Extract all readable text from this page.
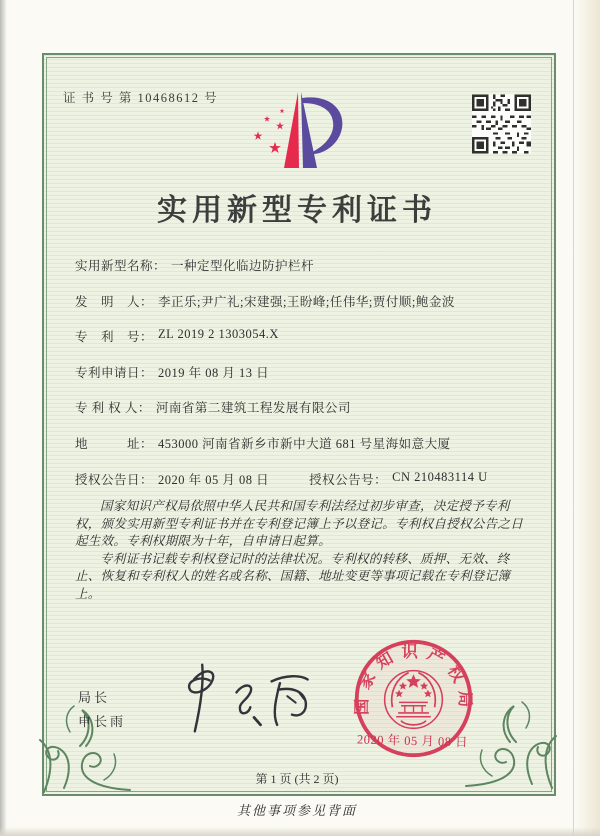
证 书 号 第 10468612 号
实用新型专利证书
实用新型名称： 一种定型化临边防护栏杆
发　明　人： 李正乐;尹广礼;宋建强;王盼峰;任伟华;贾付顺;鲍金波
专　利　号： ZL 2019 2 1303054.X
专利申请日： 2019 年 08 月 13 日
专 利 权 人： 河南省第二建筑工程发展有限公司
地　　　址： 453000 河南省新乡市新中大道 681 号星海如意大厦
授权公告日： 2020 年 05 月 08 日	授权公告号： CN 210483114 U

国家知识产权局依照中华人民共和国专利法经过初步审查，决定授予专利权，颁发实用新型专利证书并在专利登记簿上予以登记。专利权自授权公告之日起生效。专利权期限为十年，自申请日起算。

专利证书记载专利权登记时的法律状况。专利权的转移、质押、无效、终止、恢复和专利权人的姓名或名称、国籍、地址变更等事项记载在专利登记簿上。

局长
申长雨
国家知识产权局
2020 年 05 月 08 日
第 1 页 (共 2 页)
其他事项参见背面
